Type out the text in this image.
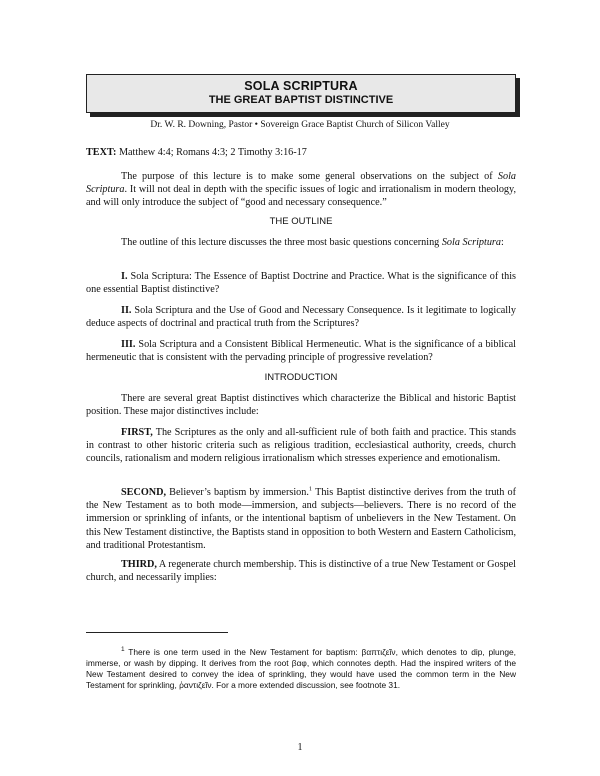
SOLA SCRIPTURA
THE GREAT BAPTIST DISTINCTIVE
Dr. W. R. Downing, Pastor • Sovereign Grace Baptist Church of Silicon Valley
TEXT: Matthew 4:4; Romans 4:3; 2 Timothy 3:16-17

The purpose of this lecture is to make some general observations on the subject of Sola Scriptura. It will not deal in depth with the specific issues of logic and irrationalism in modern theology, and will only introduce the subject of “good and necessary consequence.”

THE OUTLINE

The outline of this lecture discusses the three most basic questions concerning Sola Scriptura:

I. Sola Scriptura: The Essence of Baptist Doctrine and Practice. What is the significance of this one essential Baptist distinctive?

II. Sola Scriptura and the Use of Good and Necessary Consequence. Is it legitimate to logically deduce aspects of doctrinal and practical truth from the Scriptures?

III. Sola Scriptura and a Consistent Biblical Hermeneutic. What is the significance of a biblical hermeneutic that is consistent with the pervading principle of progressive revelation?

INTRODUCTION

There are several great Baptist distinctives which characterize the Biblical and historic Baptist position. These major distinctives include:

FIRST, The Scriptures as the only and all-sufficient rule of both faith and practice. This stands in contrast to other historic criteria such as religious tradition, ecclesiastical authority, creeds, church councils, rationalism and modern religious irrationalism which stresses experience and emotionalism.

SECOND, Believer’s baptism by immersion.$^1$ This Baptist distinctive derives from the truth of the New Testament as to both mode—immersion, and subjects—believers. There is no record of the immersion or sprinkling of infants, or the intentional baptism of unbelievers in the New Testament. On this New Testament distinctive, the Baptists stand in opposition to both Western and Eastern Catholicism, and traditional Protestantism.

THIRD, A regenerate church membership. This is distinctive of a true New Testament or Gospel church, and necessarily implies:

$^1$ There is one term used in the New Testament for baptism: βαπτιζεῖν, which denotes to dip, plunge, immerse, or wash by dipping. It derives from the root βαφ, which connotes depth. Had the inspired writers of the New Testament desired to convey the idea of sprinkling, they would have used the common term in the New Testament for sprinkling, ῥαντιζεῖν. For a more extended discussion, see footnote 31.
1
